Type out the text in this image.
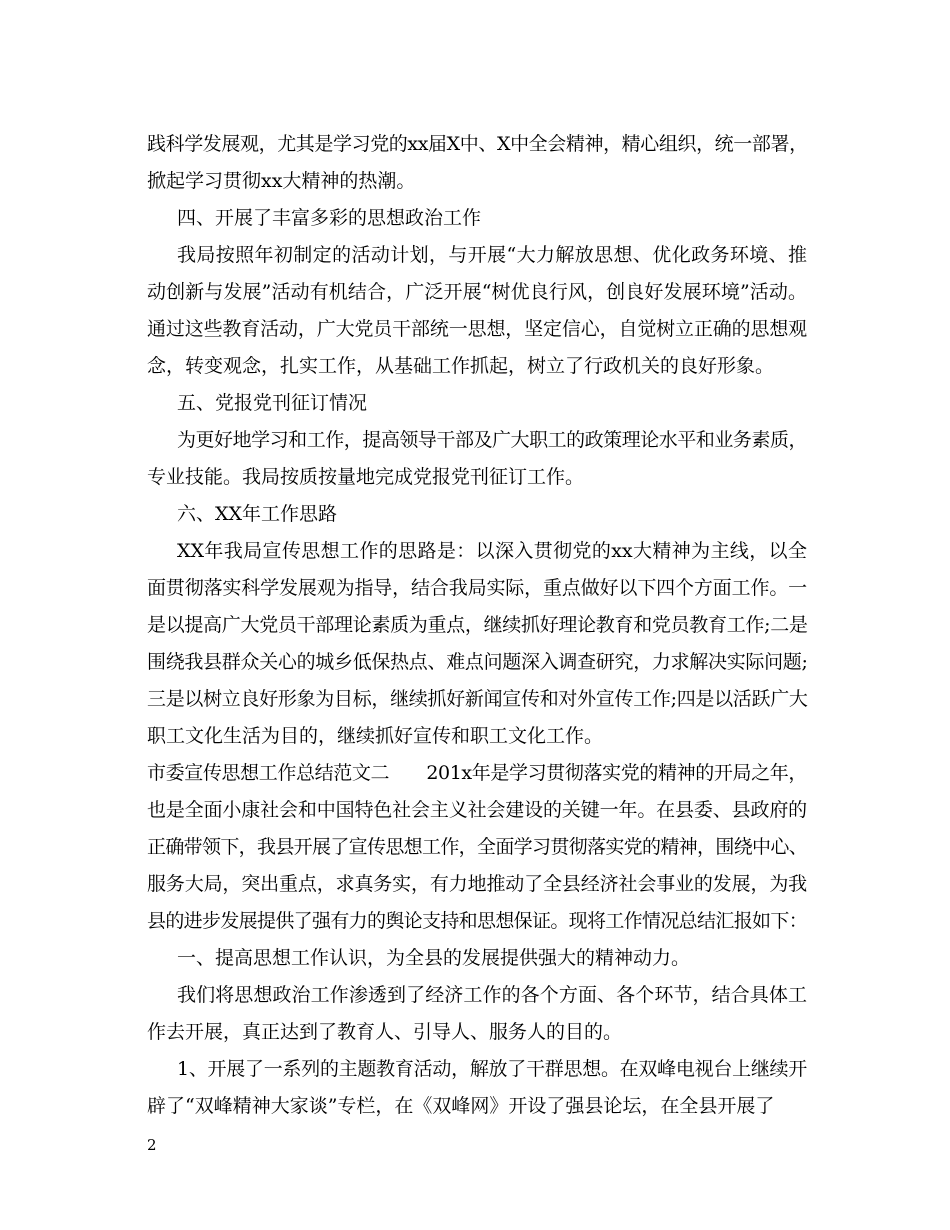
践科学发展观，尤其是学习党的xx届X中、X中全会精神，精心组织，统一部署，
掀起学习贯彻xx大精神的热潮。
四、开展了丰富多彩的思想政治工作
我局按照年初制定的活动计划，与开展“大力解放思想、优化政务环境、推
动创新与发展”活动有机结合，广泛开展“树优良行风，创良好发展环境”活动。
通过这些教育活动，广大党员干部统一思想，坚定信心，自觉树立正确的思想观
念，转变观念，扎实工作，从基础工作抓起，树立了行政机关的良好形象。
五、党报党刊征订情况
为更好地学习和工作，提高领导干部及广大职工的政策理论水平和业务素质，
专业技能。我局按质按量地完成党报党刊征订工作。
六、XX年工作思路
XX年我局宣传思想工作的思路是：以深入贯彻党的xx大精神为主线，以全
面贯彻落实科学发展观为指导，结合我局实际，重点做好以下四个方面工作。一
是以提高广大党员干部理论素质为重点，继续抓好理论教育和党员教育工作;二是
围绕我县群众关心的城乡低保热点、难点问题深入调查研究，力求解决实际问题;
三是以树立良好形象为目标，继续抓好新闻宣传和对外宣传工作;四是以活跃广大
职工文化生活为目的，继续抓好宣传和职工文化工作。
市委宣传思想工作总结范文二　　201x年是学习贯彻落实党的精神的开局之年，
也是全面小康社会和中国特色社会主义社会建设的关键一年。在县委、县政府的
正确带领下，我县开展了宣传思想工作，全面学习贯彻落实党的精神，围绕中心、
服务大局，突出重点，求真务实，有力地推动了全县经济社会事业的发展，为我
县的进步发展提供了强有力的舆论支持和思想保证。现将工作情况总结汇报如下：
一、提高思想工作认识，为全县的发展提供强大的精神动力。
我们将思想政治工作渗透到了经济工作的各个方面、各个环节，结合具体工
作去开展，真正达到了教育人、引导人、服务人的目的。
1、开展了一系列的主题教育活动，解放了干群思想。在双峰电视台上继续开
辟了“双峰精神大家谈”专栏，在《双峰网》开设了强县论坛，在全县开展了
2
